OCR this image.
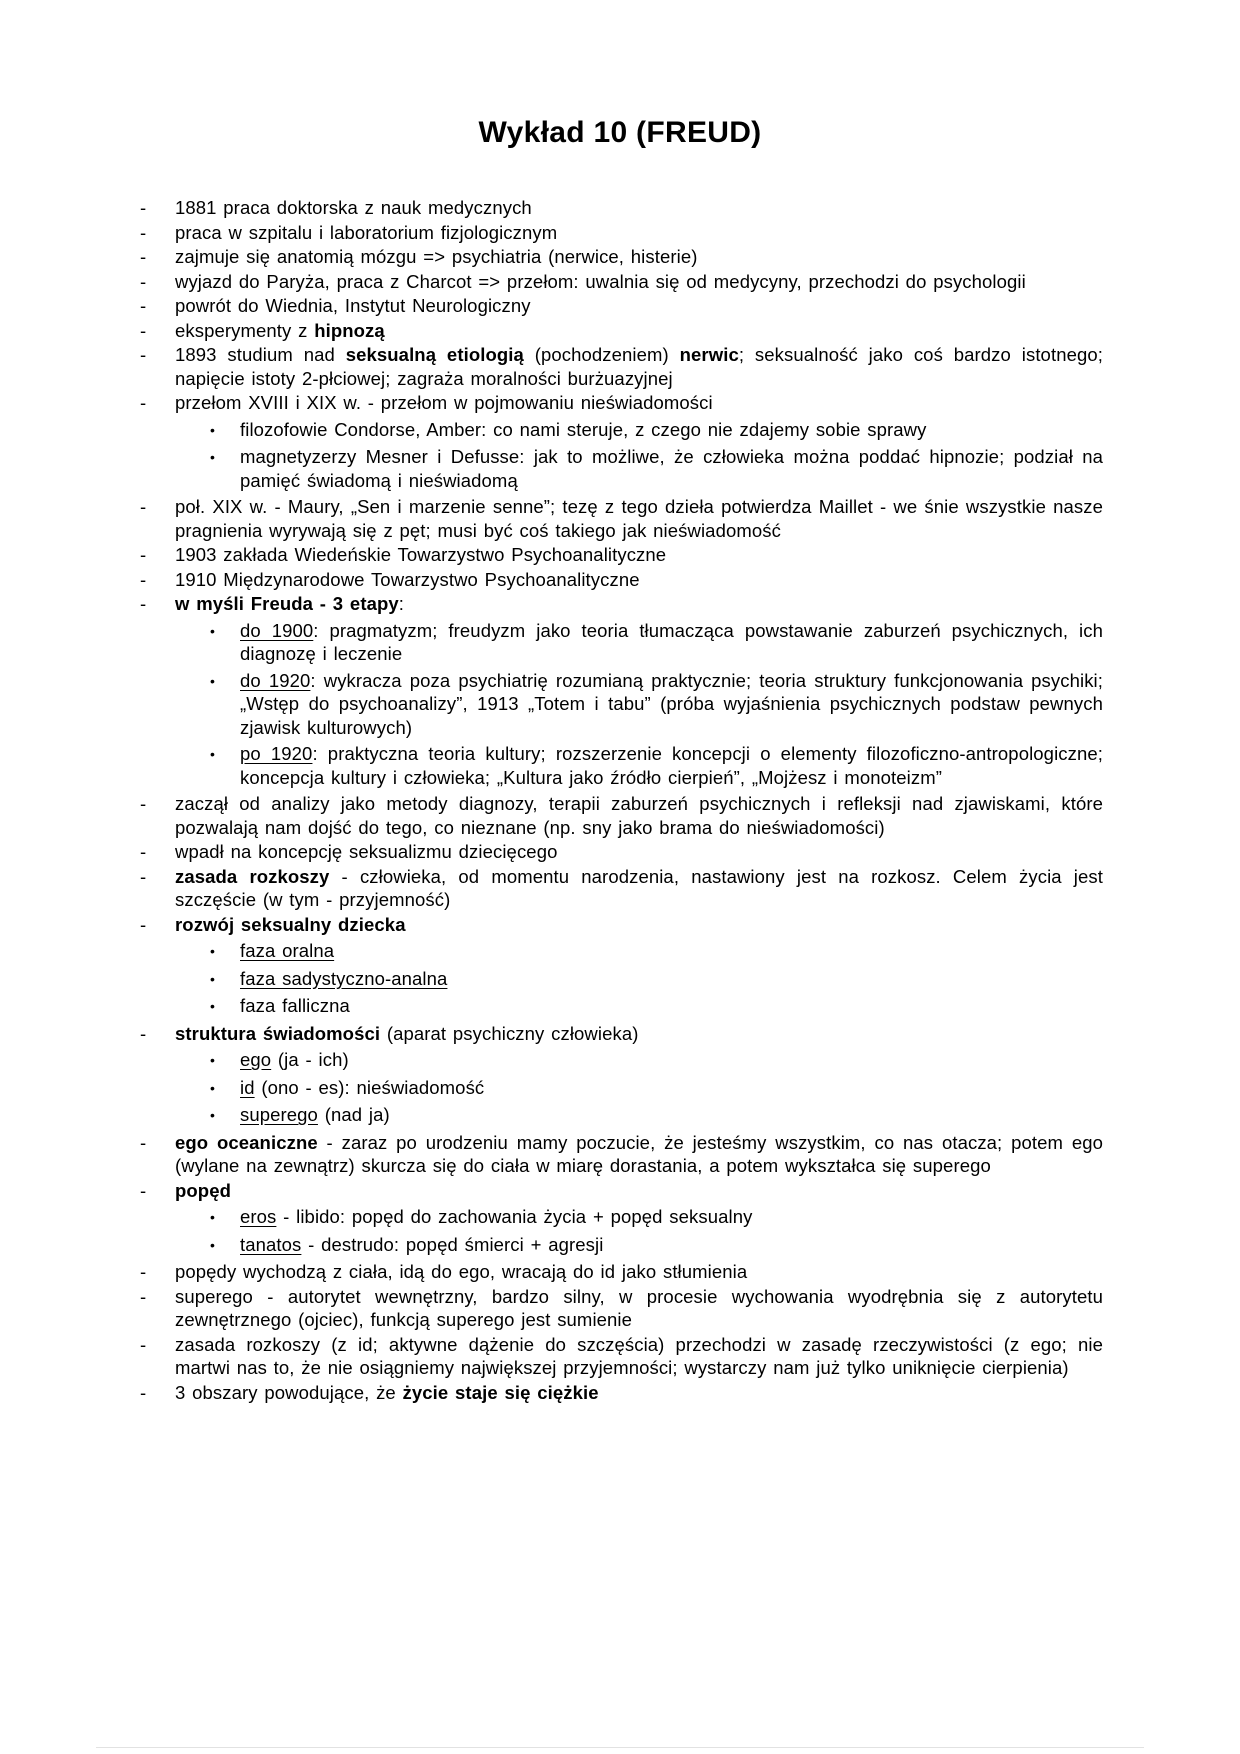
Wykład 10 (FREUD)
-	1881 praca doktorska z nauk medycznych
-	praca w szpitalu i laboratorium fizjologicznym
-	zajmuje się anatomią mózgu => psychiatria (nerwice, histerie)
-	wyjazd do Paryża, praca z Charcot => przełom: uwalnia się od medycyny, przechodzi do psychologii
-	powrót do Wiednia, Instytut Neurologiczny
-	eksperymenty z hipnozą
-	1893 studium nad seksualną etiologią (pochodzeniem) nerwic; seksualność jako coś bardzo istotnego; napięcie istoty 2-płciowej; zagraża moralności burżuazyjnej
-	przełom XVIII i XIX w. - przełom w pojmowaniu nieświadomości
•	filozofowie Condorse, Amber: co nami steruje, z czego nie zdajemy sobie sprawy
•	magnetyzerzy Mesner i Defusse: jak to możliwe, że człowieka można poddać hipnozie; podział na pamięć świadomą i nieświadomą
-	poł. XIX w. - Maury, „Sen i marzenie senne”; tezę z tego dzieła potwierdza Maillet - we śnie wszystkie nasze pragnienia wyrywają się z pęt; musi być coś takiego jak nieświadomość
-	1903 zakłada Wiedeńskie Towarzystwo Psychoanalityczne
-	1910 Międzynarodowe Towarzystwo Psychoanalityczne
-	w myśli Freuda - 3 etapy:
•	do 1900: pragmatyzm; freudyzm jako teoria tłumacząca powstawanie zaburzeń psychicznych, ich diagnozę i leczenie
•	do 1920: wykracza poza psychiatrię rozumianą praktycznie; teoria struktury funkcjonowania psychiki; „Wstęp do psychoanalizy”, 1913 „Totem i tabu” (próba wyjaśnienia psychicznych podstaw pewnych zjawisk kulturowych)
•	po 1920: praktyczna teoria kultury; rozszerzenie koncepcji o elementy filozoficzno-antropologiczne; koncepcja kultury i człowieka; „Kultura jako źródło cierpień”, „Mojżesz i monoteizm”
-	zaczął od analizy jako metody diagnozy, terapii zaburzeń psychicznych i refleksji nad zjawiskami, które pozwalają nam dojść do tego, co nieznane (np. sny jako brama do nieświadomości)
-	wpadł na koncepcję seksualizmu dziecięcego
-	zasada rozkoszy - człowieka, od momentu narodzenia, nastawiony jest na rozkosz. Celem życia jest szczęście (w tym - przyjemność)
-	rozwój seksualny dziecka
•	faza oralna
•	faza sadystyczno-analna
•	faza falliczna
-	struktura świadomości (aparat psychiczny człowieka)
•	ego (ja - ich)
•	id (ono - es): nieświadomość
•	superego (nad ja)
-	ego oceaniczne - zaraz po urodzeniu mamy poczucie, że jesteśmy wszystkim, co nas otacza; potem ego (wylane na zewnątrz) skurcza się do ciała w miarę dorastania, a potem wykształca się superego
-	popęd
•	eros - libido: popęd do zachowania życia + popęd seksualny
•	tanatos - destrudo: popęd śmierci + agresji
-	popędy wychodzą z ciała, idą do ego, wracają do id jako stłumienia
-	superego - autorytet wewnętrzny, bardzo silny, w procesie wychowania wyodrębnia się z autorytetu zewnętrznego (ojciec), funkcją superego jest sumienie
-	zasada rozkoszy (z id; aktywne dążenie do szczęścia) przechodzi w zasadę rzeczywistości (z ego; nie martwi nas to, że nie osiągniemy największej przyjemności; wystarczy nam już tylko uniknięcie cierpienia)
-	3 obszary powodujące, że życie staje się ciężkie
